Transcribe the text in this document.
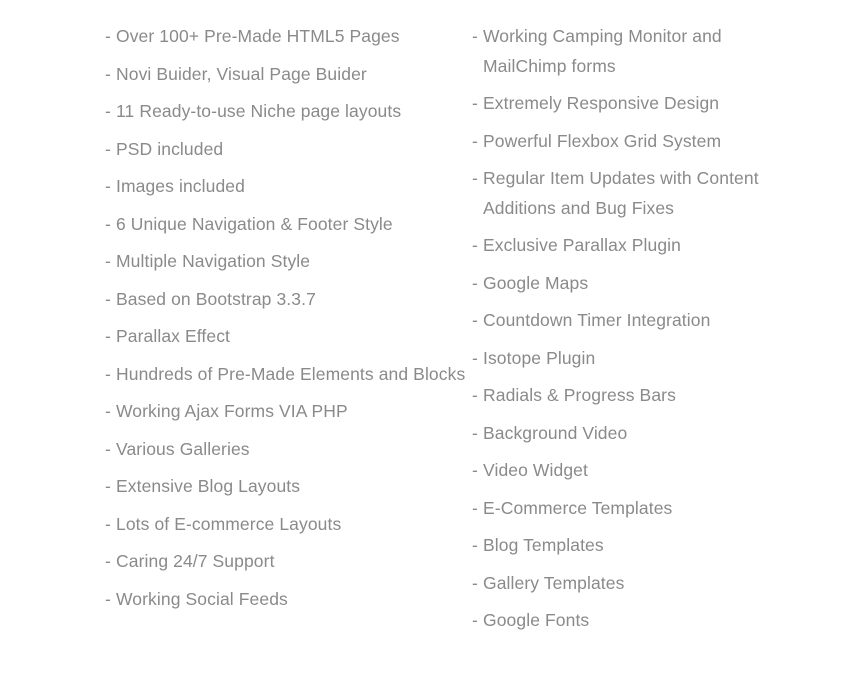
- Over 100+ Pre-Made HTML5 Pages
- Novi Buider, Visual Page Buider
- 11 Ready-to-use Niche page layouts
- PSD included
- Images included
- 6 Unique Navigation & Footer Style
- Multiple Navigation Style
- Based on Bootstrap 3.3.7
- Parallax Effect
- Hundreds of Pre-Made Elements and Blocks
- Working Ajax Forms VIA PHP
- Various Galleries
- Extensive Blog Layouts
- Lots of E-commerce Layouts
- Caring 24/7 Support
- Working Social Feeds
- Working Camping Monitor and MailChimp forms
- Extremely Responsive Design
- Powerful Flexbox Grid System
- Regular Item Updates with Content Additions and Bug Fixes
- Exclusive Parallax Plugin
- Google Maps
- Countdown Timer Integration
- Isotope Plugin
- Radials & Progress Bars
- Background Video
- Video Widget
- E-Commerce Templates
- Blog Templates
- Gallery Templates
- Google Fonts
